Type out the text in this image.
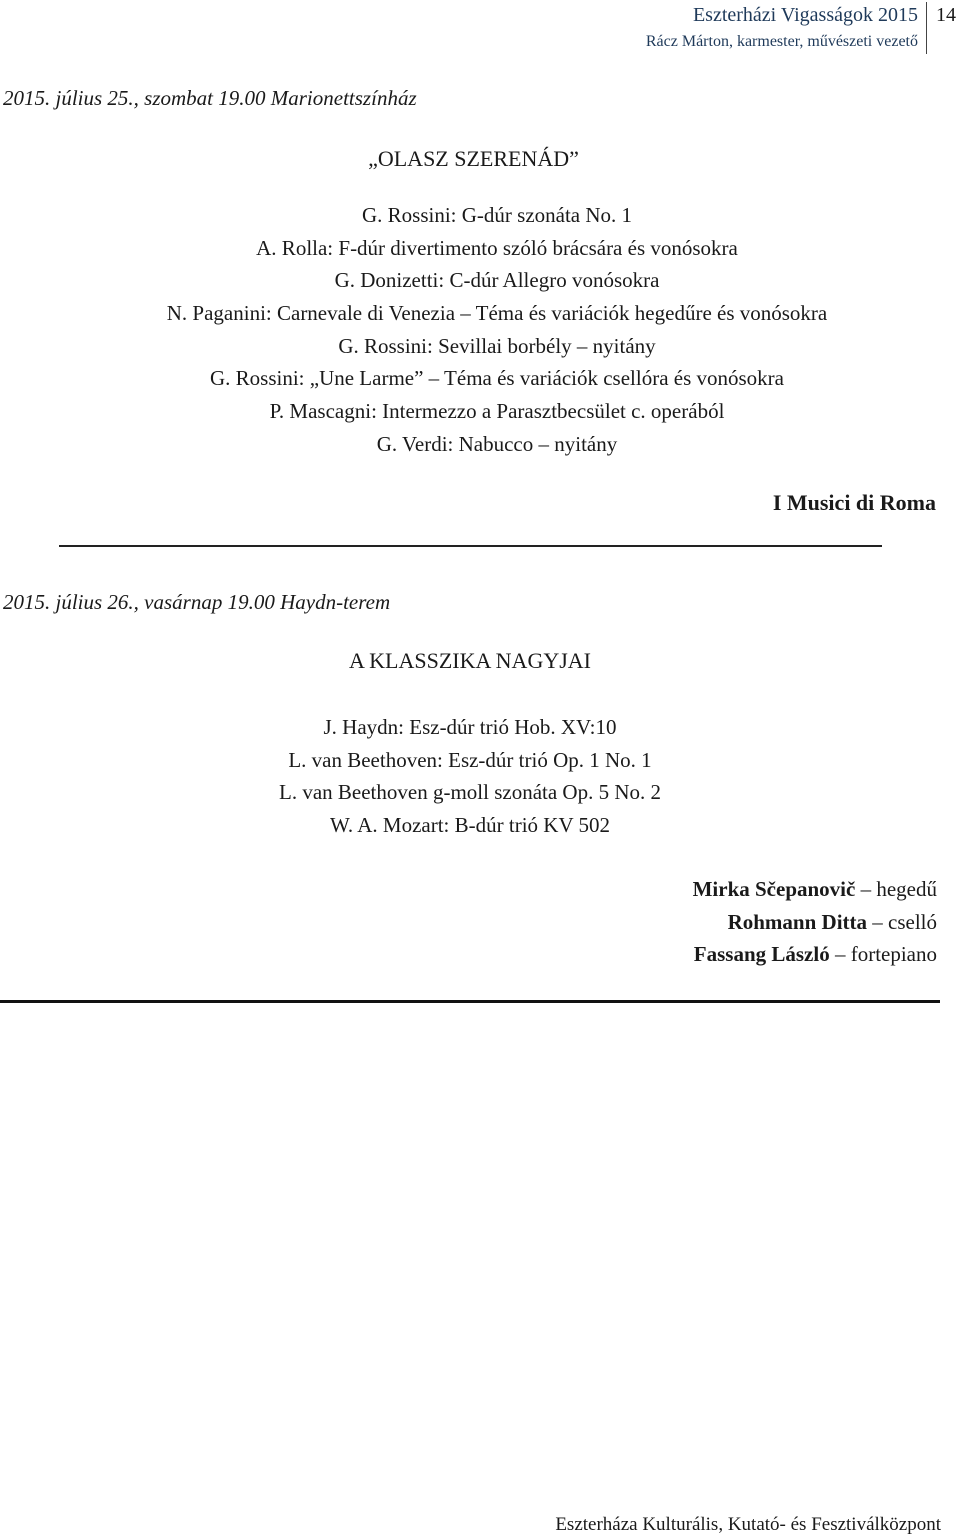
Eszterházi Vigasságok 2015
Rácz Márton, karmester, művészeti vezető
14
2015. július 25., szombat 19.00 Marionettszínház
„OLASZ SZERENÁD”
G. Rossini: G-dúr szonáta No. 1
A. Rolla: F-dúr divertimento szóló brácsára és vonósokra
G. Donizetti: C-dúr Allegro vonósokra
N. Paganini: Carnevale di Venezia – Téma és variációk hegedűre és vonósokra
G. Rossini: Sevillai borbély – nyitány
G. Rossini: „Une Larme” – Téma és variációk csellóra és vonósokra
P. Mascagni: Intermezzo a Parasztbecsület c. operából
G. Verdi: Nabucco – nyitány
I Musici di Roma
2015. július 26., vasárnap 19.00 Haydn-terem
A KLASSZIKA NAGYJAI
J. Haydn: Esz-dúr trió Hob. XV:10
L. van Beethoven: Esz-dúr trió Op. 1 No. 1
L. van Beethoven g-moll szonáta Op. 5 No. 2
W. A. Mozart: B-dúr trió KV 502
Mirka Sčepanovič – hegedű
Rohmann Ditta – cselló
Fassang László – fortepiano
Eszterháza Kulturális, Kutató- és Fesztiválközpont
